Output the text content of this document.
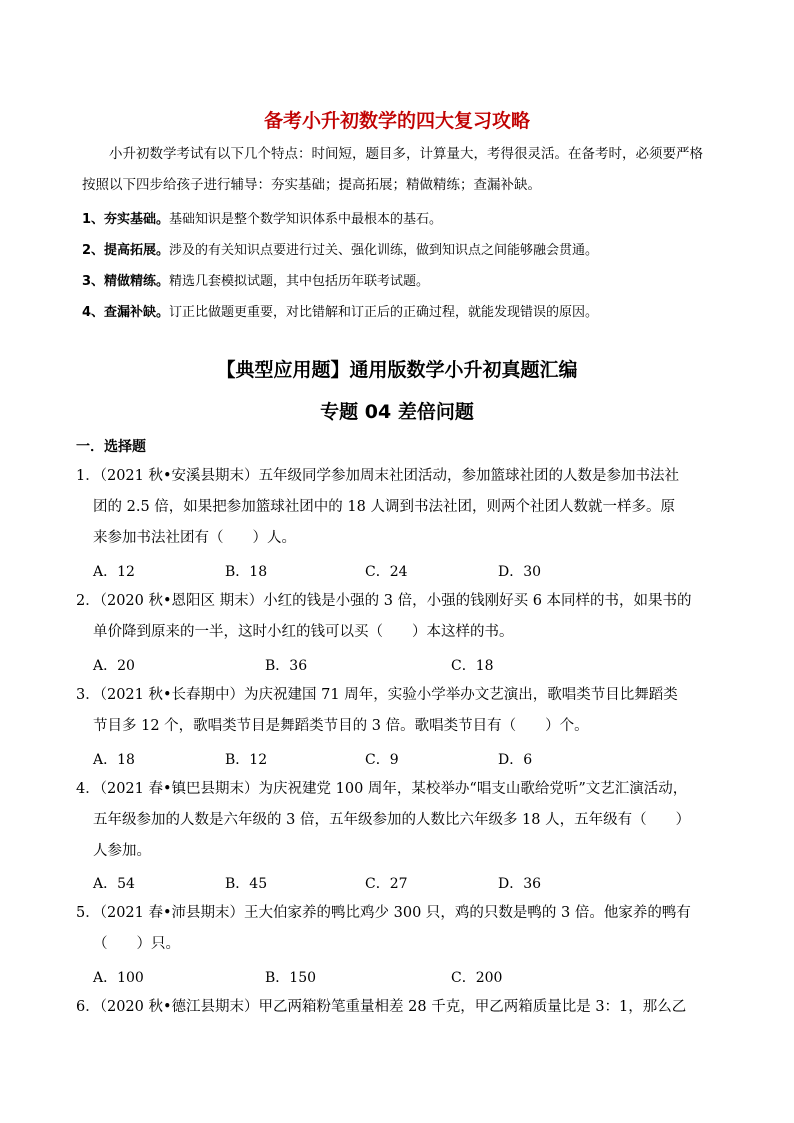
备考小升初数学的四大复习攻略

小升初数学考试有以下几个特点：时间短，题目多，计算量大，考得很灵活。在备考时，必须要严格

按照以下四步给孩子进行辅导：夯实基础；提高拓展；精做精练；查漏补缺。

1、夯实基础。基础知识是整个数学知识体系中最根本的基石。
2、提高拓展。涉及的有关知识点要进行过关、强化训练，做到知识点之间能够融会贯通。
3、精做精练。精选几套模拟试题，其中包括历年联考试题。
4、查漏补缺。订正比做题更重要，对比错解和订正后的正确过程，就能发现错误的原因。
【典型应用题】通用版数学小升初真题汇编
专题 04 差倍问题
一．选择题

1．（2021 秋•安溪县期末）五年级同学参加周末社团活动，参加篮球社团的人数是参加书法社

团的 2.5 倍，如果把参加篮球社团中的 18 人调到书法社团，则两个社团人数就一样多。原

来参加书法社团有（　　）人。

A．12	B．18	C．24	D．30

2．（2020 秋•恩阳区 期末）小红的钱是小强的 3 倍，小强的钱刚好买 6 本同样的书，如果书的

单价降到原来的一半，这时小红的钱可以买（　　）本这样的书。

A．20	B．36	C．18

3．（2021 秋•长春期中）为庆祝建国 71 周年，实验小学举办文艺演出，歌唱类节目比舞蹈类

节目多 12 个，歌唱类节目是舞蹈类节目的 3 倍。歌唱类节目有（　　）个。

A．18	B．12	C．9	D．6

4．（2021 春•镇巴县期末）为庆祝建党 100 周年，某校举办“唱支山歌给党听”文艺汇演活动，

五年级参加的人数是六年级的 3 倍，五年级参加的人数比六年级多 18 人，五年级有（　　）

人参加。

A．54	B．45	C．27	D．36

5．（2021 春•沛县期末）王大伯家养的鸭比鸡少 300 只，鸡的只数是鸭的 3 倍。他家养的鸭有

（　　）只。

A．100	B．150	C．200

6．（2020 秋•德江县期末）甲乙两箱粉笔重量相差 28 千克，甲乙两箱质量比是 3：1，那么乙
